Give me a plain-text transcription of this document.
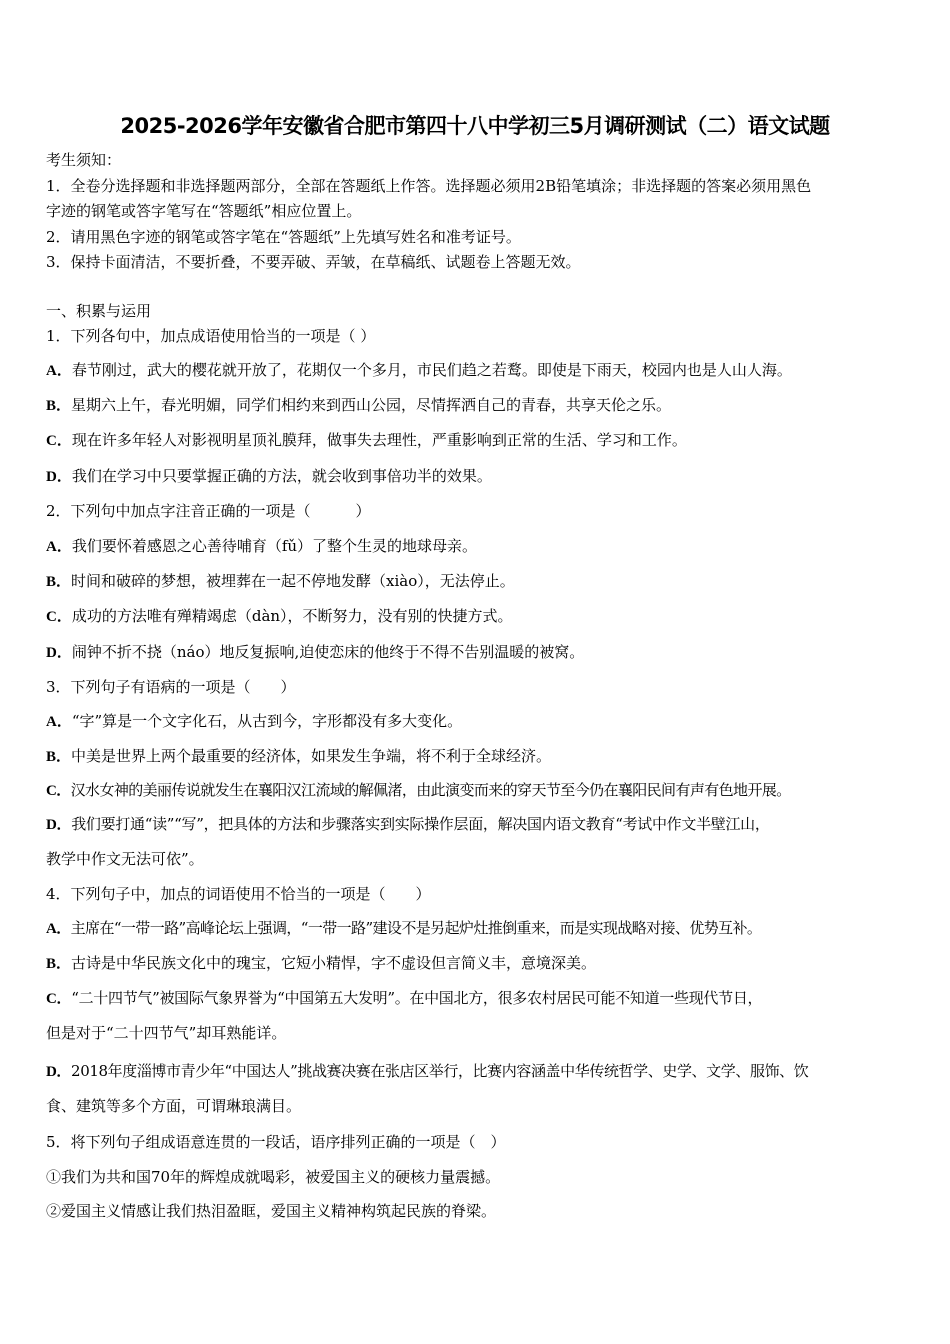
2025-2026学年安徽省合肥市第四十八中学初三5月调研测试（二）语文试题
考生须知：
1．全卷分选择题和非选择题两部分，全部在答题纸上作答。选择题必须用2B铅笔填涂；非选择题的答案必须用黑色
字迹的钢笔或答字笔写在“答题纸”相应位置上。
2．请用黑色字迹的钢笔或答字笔在“答题纸”上先填写姓名和准考证号。
3．保持卡面清洁，不要折叠，不要弄破、弄皱，在草稿纸、试题卷上答题无效。
一、积累与运用
1．下列各句中，加点成语使用恰当的一项是（ ）
A．春节刚过，武大的樱花就开放了，花期仅一个多月，市民们趋之若鹜。即使是下雨天，校园内也是人山人海。
B．星期六上午，春光明媚，同学们相约来到西山公园，尽情挥洒自己的青春，共享天伦之乐。
C．现在许多年轻人对影视明星顶礼膜拜，做事失去理性，严重影响到正常的生活、学习和工作。
D．我们在学习中只要掌握正确的方法，就会收到事倍功半的效果。
2．下列句中加点字注音正确的一项是（　　　）
A．我们要怀着感恩之心善待哺育（fǔ）了整个生灵的地球母亲。
B．时间和破碎的梦想，被埋葬在一起不停地发酵（xiào），无法停止。
C．成功的方法唯有殚精竭虑（dàn），不断努力，没有别的快捷方式。
D．闹钟不折不挠（náo）地反复振响,迫使恋床的他终于不得不告别温暖的被窝。
3．下列句子有语病的一项是（　　）
A．“字”算是一个文字化石，从古到今，字形都没有多大变化。
B．中美是世界上两个最重要的经济体，如果发生争端，将不利于全球经济。
C．汉水女神的美丽传说就发生在襄阳汉江流域的解佩渚，由此演变而来的穿天节至今仍在襄阳民间有声有色地开展。
D．我们要打通“读”“写”，把具体的方法和步骤落实到实际操作层面，解决国内语文教育“考试中作文半壁江山，
教学中作文无法可依”。
4．下列句子中，加点的词语使用不恰当的一项是（　　）
A．主席在“一带一路”高峰论坛上强调，“一带一路”建设不是另起炉灶推倒重来，而是实现战略对接、优势互补。
B．古诗是中华民族文化中的瑰宝，它短小精悍，字不虚设但言简义丰，意境深美。
C．“二十四节气”被国际气象界誉为“中国第五大发明”。在中国北方，很多农村居民可能不知道一些现代节日，
但是对于“二十四节气”却耳熟能详。
D．2018年度淄博市青少年“中国达人”挑战赛决赛在张店区举行，比赛内容涵盖中华传统哲学、史学、文学、服饰、饮
食、建筑等多个方面，可谓琳琅满目。
5．将下列句子组成语意连贯的一段话，语序排列正确的一项是（　）
①我们为共和国70年的辉煌成就喝彩，被爱国主义的硬核力量震撼。
②爱国主义情感让我们热泪盈眶，爱国主义精神构筑起民族的脊梁。
